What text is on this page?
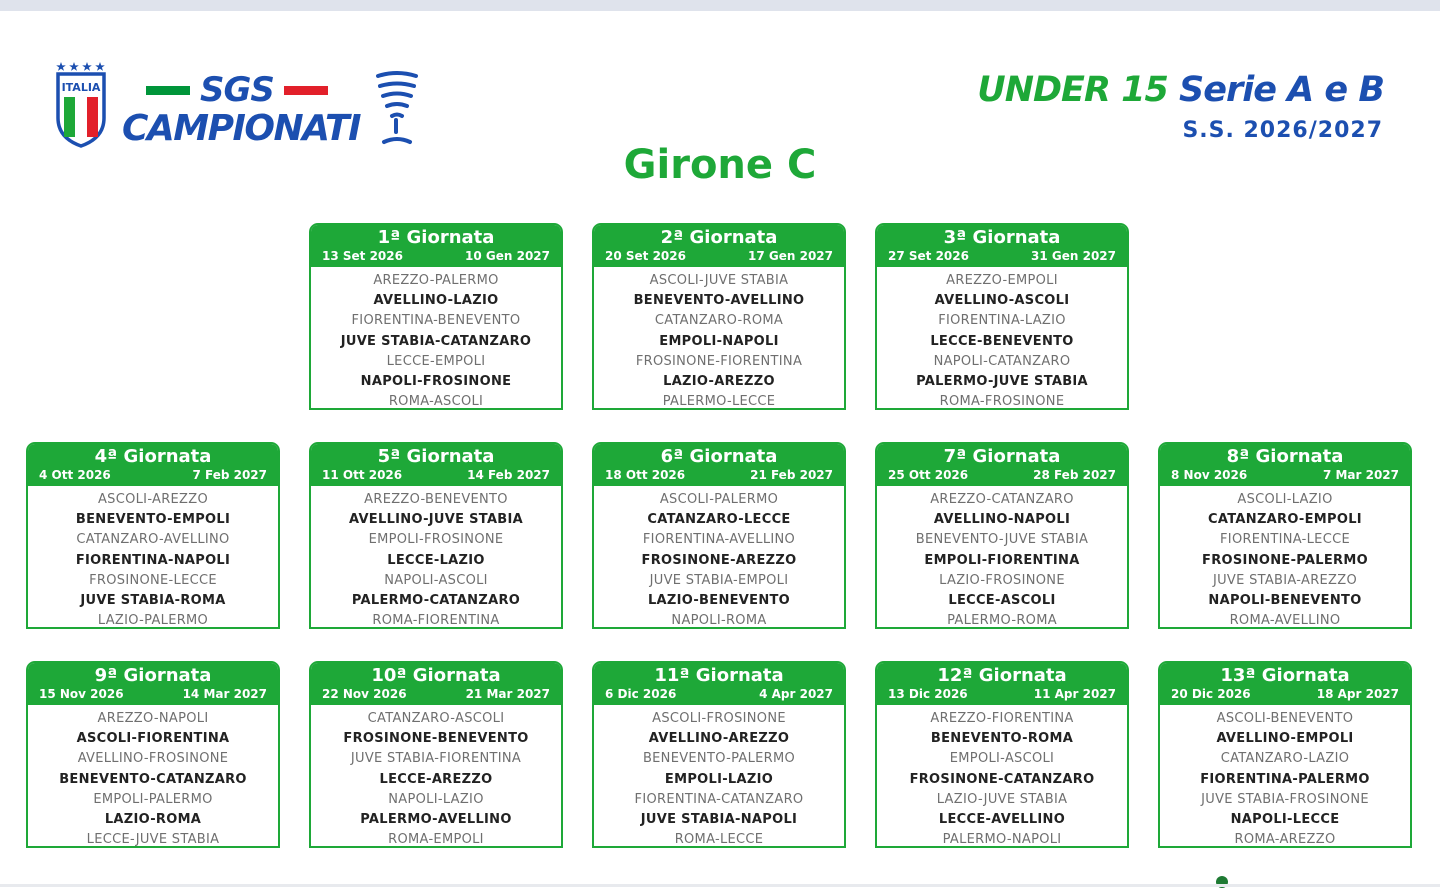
ITALIA	SGS
CAMPIONATI
UNDER 15 Serie A e B
S.S. 2026/2027
Girone C
1ª Giornata
13 Set 2026	10 Gen 2027
AREZZO-PALERMO
AVELLINO-LAZIO
FIORENTINA-BENEVENTO
JUVE STABIA-CATANZARO
LECCE-EMPOLI
NAPOLI-FROSINONE
ROMA-ASCOLI
2ª Giornata
20 Set 2026	17 Gen 2027
ASCOLI-JUVE STABIA
BENEVENTO-AVELLINO
CATANZARO-ROMA
EMPOLI-NAPOLI
FROSINONE-FIORENTINA
LAZIO-AREZZO
PALERMO-LECCE
3ª Giornata
27 Set 2026	31 Gen 2027
AREZZO-EMPOLI
AVELLINO-ASCOLI
FIORENTINA-LAZIO
LECCE-BENEVENTO
NAPOLI-CATANZARO
PALERMO-JUVE STABIA
ROMA-FROSINONE
4ª Giornata
4 Ott 2026	7 Feb 2027
ASCOLI-AREZZO
BENEVENTO-EMPOLI
CATANZARO-AVELLINO
FIORENTINA-NAPOLI
FROSINONE-LECCE
JUVE STABIA-ROMA
LAZIO-PALERMO
5ª Giornata
11 Ott 2026	14 Feb 2027
AREZZO-BENEVENTO
AVELLINO-JUVE STABIA
EMPOLI-FROSINONE
LECCE-LAZIO
NAPOLI-ASCOLI
PALERMO-CATANZARO
ROMA-FIORENTINA
6ª Giornata
18 Ott 2026	21 Feb 2027
ASCOLI-PALERMO
CATANZARO-LECCE
FIORENTINA-AVELLINO
FROSINONE-AREZZO
JUVE STABIA-EMPOLI
LAZIO-BENEVENTO
NAPOLI-ROMA
7ª Giornata
25 Ott 2026	28 Feb 2027
AREZZO-CATANZARO
AVELLINO-NAPOLI
BENEVENTO-JUVE STABIA
EMPOLI-FIORENTINA
LAZIO-FROSINONE
LECCE-ASCOLI
PALERMO-ROMA
8ª Giornata
8 Nov 2026	7 Mar 2027
ASCOLI-LAZIO
CATANZARO-EMPOLI
FIORENTINA-LECCE
FROSINONE-PALERMO
JUVE STABIA-AREZZO
NAPOLI-BENEVENTO
ROMA-AVELLINO
9ª Giornata
15 Nov 2026	14 Mar 2027
AREZZO-NAPOLI
ASCOLI-FIORENTINA
AVELLINO-FROSINONE
BENEVENTO-CATANZARO
EMPOLI-PALERMO
LAZIO-ROMA
LECCE-JUVE STABIA
10ª Giornata
22 Nov 2026	21 Mar 2027
CATANZARO-ASCOLI
FROSINONE-BENEVENTO
JUVE STABIA-FIORENTINA
LECCE-AREZZO
NAPOLI-LAZIO
PALERMO-AVELLINO
ROMA-EMPOLI
11ª Giornata
6 Dic 2026	4 Apr 2027
ASCOLI-FROSINONE
AVELLINO-AREZZO
BENEVENTO-PALERMO
EMPOLI-LAZIO
FIORENTINA-CATANZARO
JUVE STABIA-NAPOLI
ROMA-LECCE
12ª Giornata
13 Dic 2026	11 Apr 2027
AREZZO-FIORENTINA
BENEVENTO-ROMA
EMPOLI-ASCOLI
FROSINONE-CATANZARO
LAZIO-JUVE STABIA
LECCE-AVELLINO
PALERMO-NAPOLI
13ª Giornata
20 Dic 2026	18 Apr 2027
ASCOLI-BENEVENTO
AVELLINO-EMPOLI
CATANZARO-LAZIO
FIORENTINA-PALERMO
JUVE STABIA-FROSINONE
NAPOLI-LECCE
ROMA-AREZZO
